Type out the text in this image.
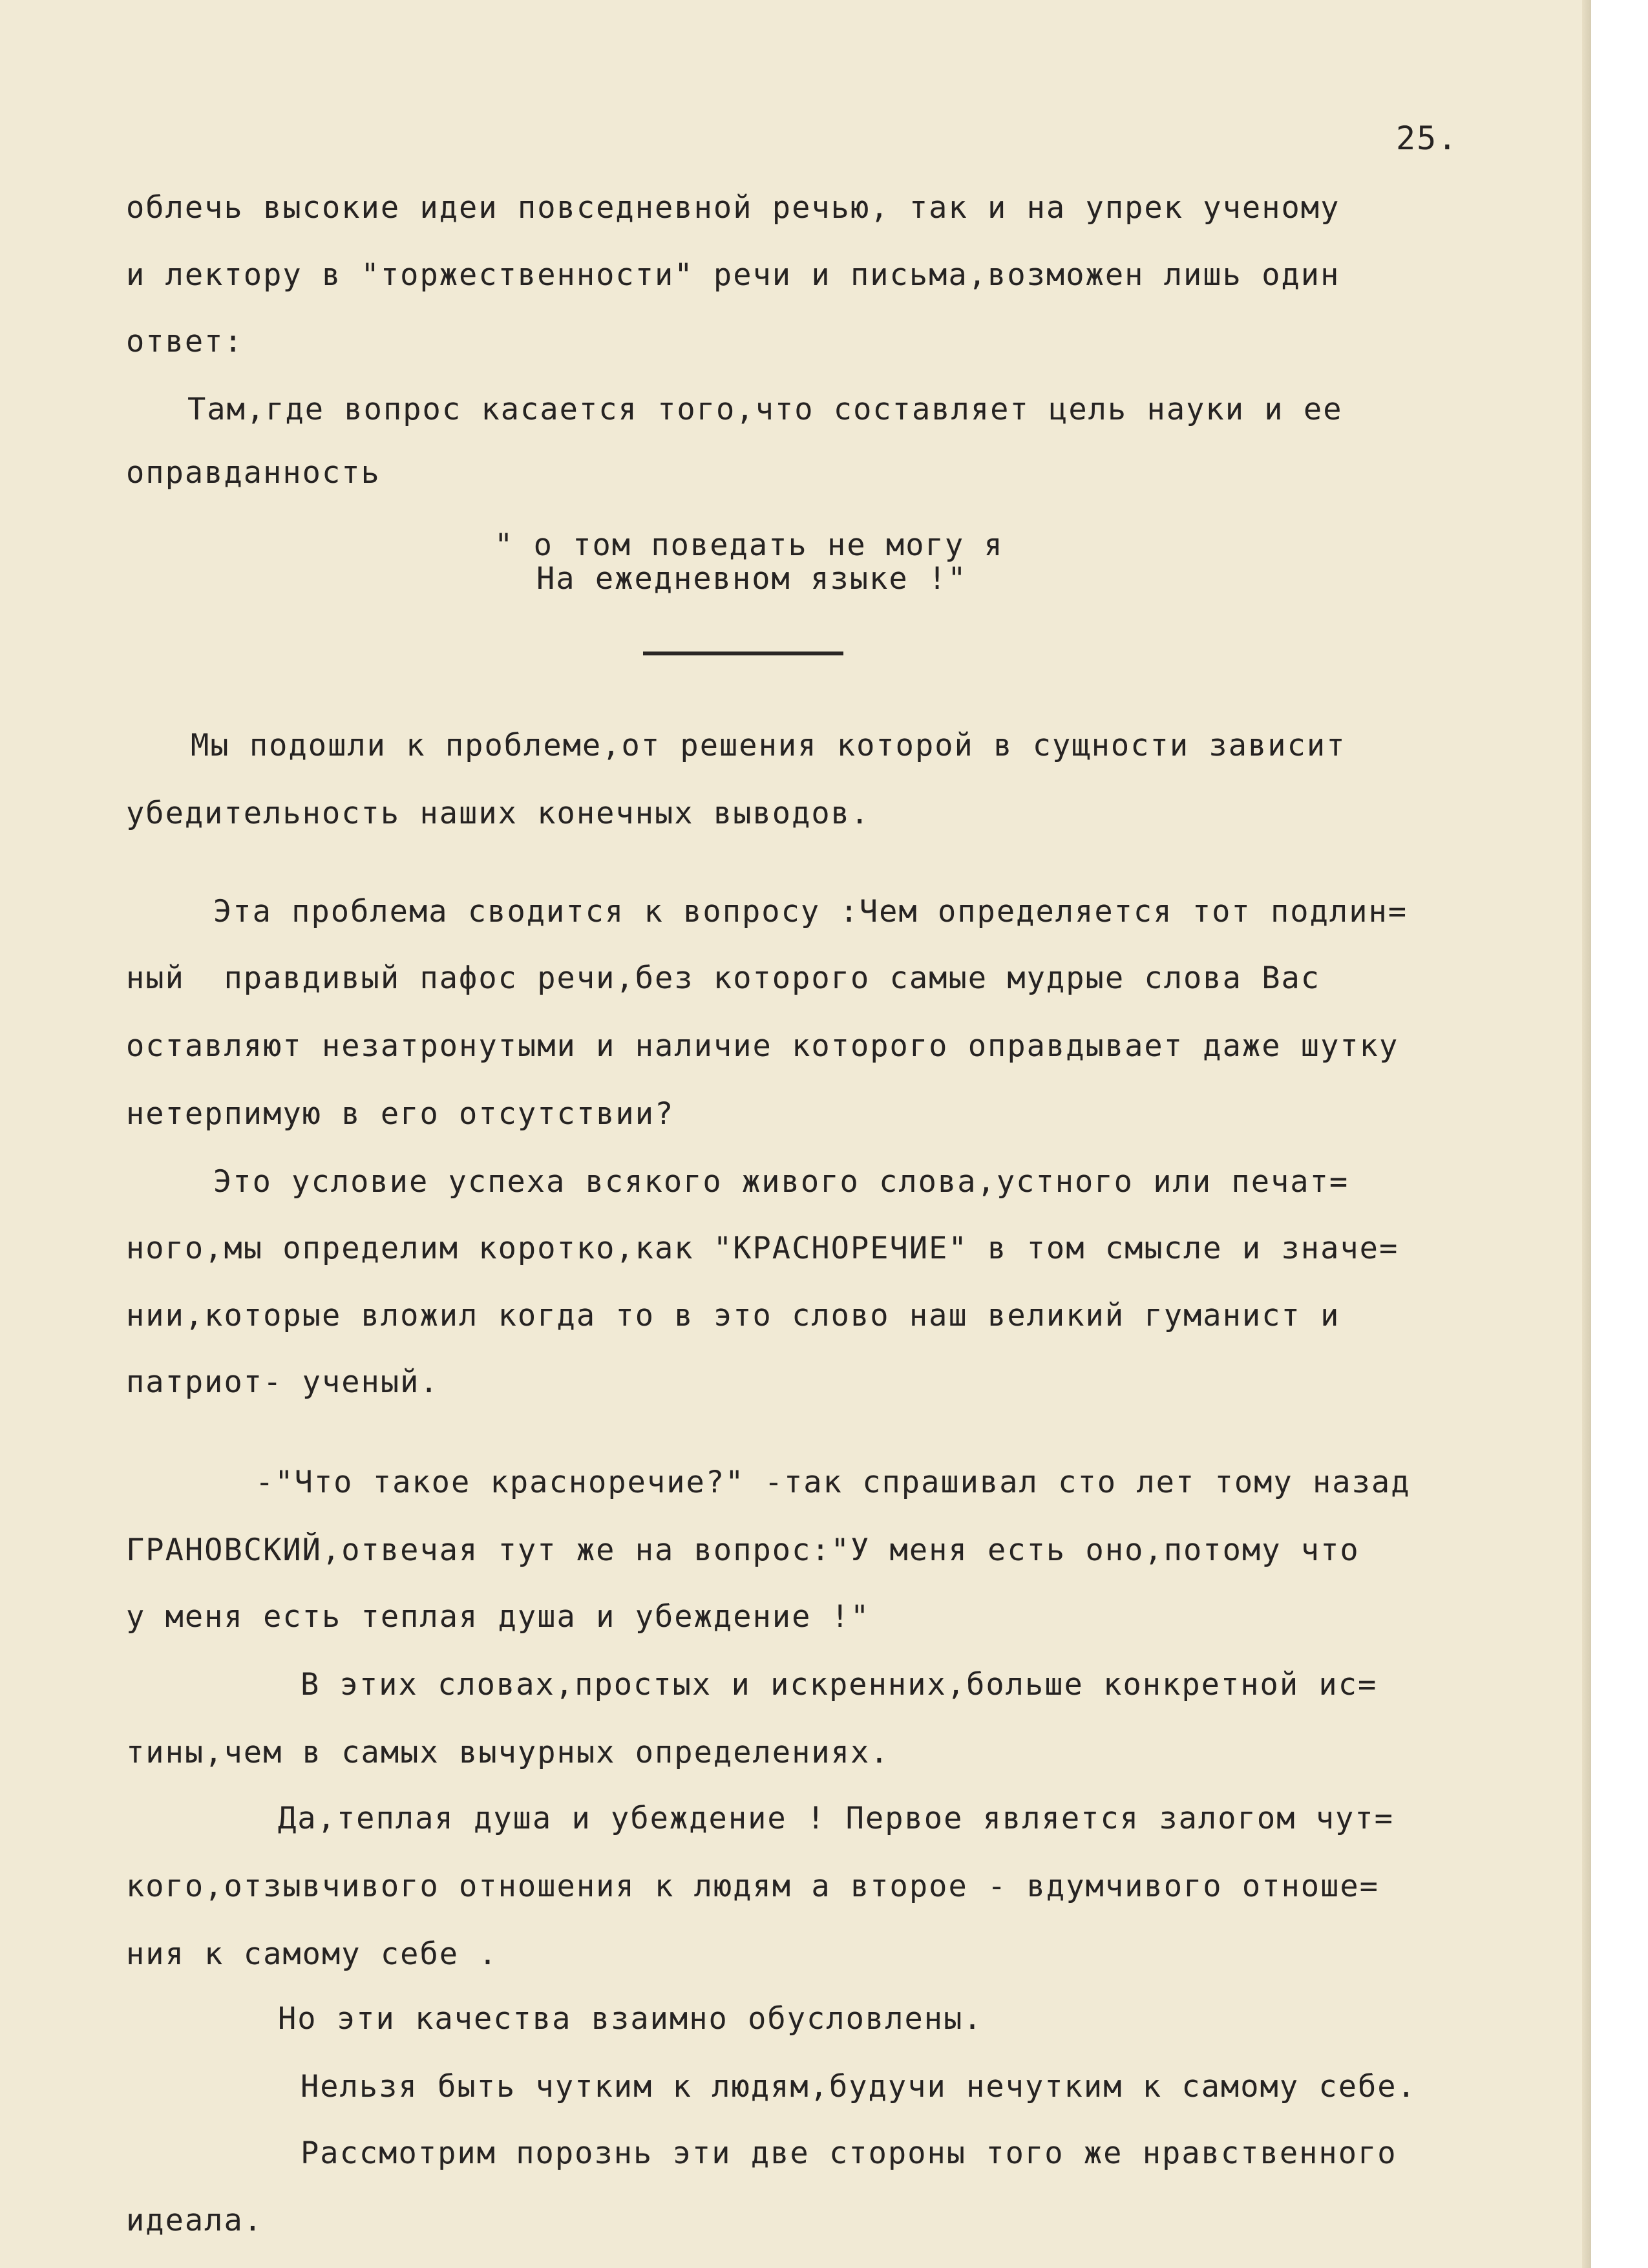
25.
облечь высокие идеи повседневной речью, так и на упрек ученому
и лектору в "торжественности" речи и письма,возможен лишь один
ответ:
Там,где вопрос касается того,что составляет цель науки и ее
оправданность
" о том поведать не могу я
На ежедневном языке !"
Мы подошли к проблеме,от решения которой в сущности зависит
убедительность наших конечных выводов.
Эта проблема сводится к вопросу :Чем определяется тот подлин=
ный  правдивый пафос речи,без которого самые мудрые слова Вас
оставляют незатронутыми и наличие которого оправдывает даже шутку
нетерпимую в его отсутствии?
Это условие успеха всякого живого слова,устного или печат=
ного,мы определим коротко,как "КРАСНОРЕЧИЕ" в том смысле и значе=
нии,которые вложил когда то в это слово наш великий гуманист и
патриот- ученый.
-"Что такое красноречие?" -так спрашивал сто лет тому назад
ГРАНОВСКИЙ,отвечая тут же на вопрос:"У меня есть оно,потому что
у меня есть теплая душа и убеждение !"
В этих словах,простых и искренних,больше конкретной ис=
тины,чем в самых вычурных определениях.
Да,теплая душа и убеждение ! Первое является залогом чут=
кого,отзывчивого отношения к людям а второе - вдумчивого отноше=
ния к самому себе .
Но эти качества взаимно обусловлены.
Нельзя быть чутким к людям,будучи нечутким к самому себе.
Рассмотрим порознь эти две стороны того же нравственного
идеала.
